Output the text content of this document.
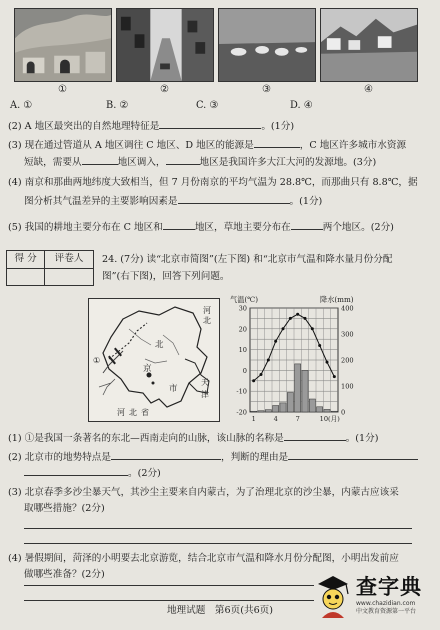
①	②	③	④
A. ①	B. ②	C. ③	D. ④
(2) A 地区最突出的自然地理特征是	。(1分)
(3) 现在通过管道从 A 地区调往 C 地区、D 地区的能源是	，C 地区许多城市水资源
短缺，需要从	地区调入，	地区是我国许多大江大河的发源地。(3分)
(4) 南京和那曲两地纬度大致相当，但 7 月份南京的平均气温为 28.8℃，而那曲只有 8.8℃，据
图分析其气温差异的主要影响因素是	。(1分)
(5) 我国的耕地主要分布在 C 地区和	地区，草地主要分布在	两个地区。(2分)
得 分	评卷人
	24. (7分) 读“北京市简图”(左下图) 和“北京市气温和降水量月份分配
图”(右下图)，回答下列问题。
河
北
①
北
京
市
天
津
河 北 省
气温(℃)	降水(mm)
30
20
10
0
-10
-20
400
300
200
100
0
1	4	7	10(月)
(1) ①是我国一条著名的东北—西南走向的山脉，该山脉的名称是	。(1分)
(2) 北京市的地势特点是	，判断的理由是
。(2分)
(3) 北京春季多沙尘暴天气，其沙尘主要来自内蒙古，为了治理北京的沙尘暴，内蒙古应该采
取哪些措施？(2分)
(4) 暑假期间，菏泽的小明要去北京游览，结合北京市气温和降水月份分配图，小明出发前应
做哪些准备？(2分)
地理试题　第6页(共6页)
查字典
www.chazidian.com
中文教育资源第一平台
